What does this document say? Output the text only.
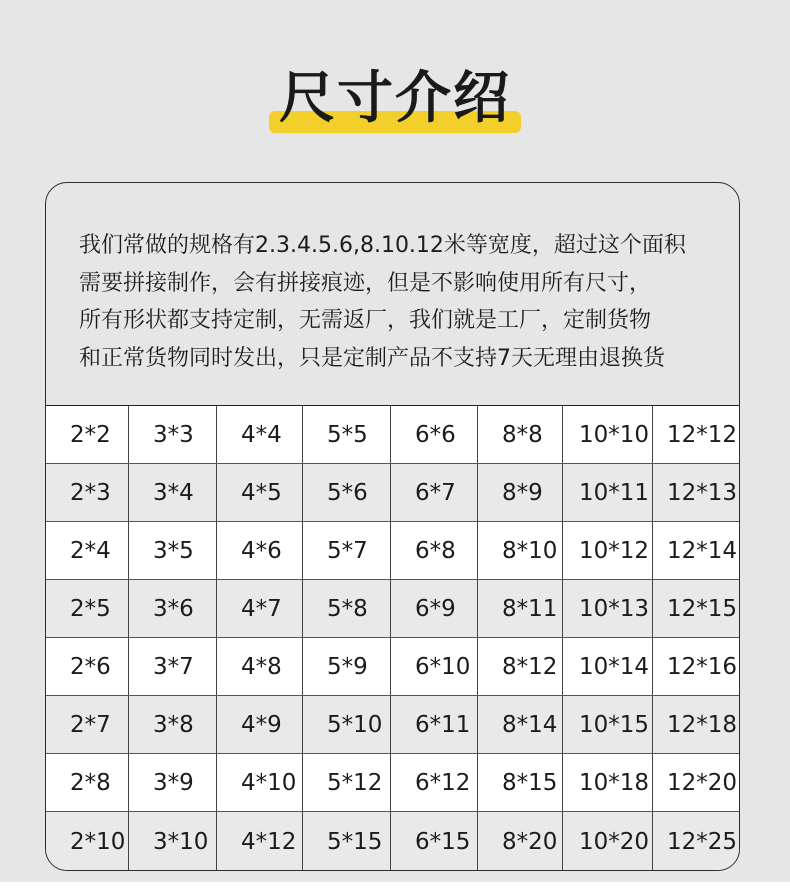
尺寸介绍
我们常做的规格有2.3.4.5.6,8.10.12米等宽度，超过这个面积
需要拼接制作，会有拼接痕迹，但是不影响使用所有尺寸，
所有形状都支持定制，无需返厂，我们就是工厂，定制货物
和正常货物同时发出，只是定制产品不支持7天无理由退换货
2*2	3*3	4*4	5*5	6*6	8*8	10*10 12*12
2*3	3*4	4*5	5*6	6*7	8*9	10*11 12*13
2*4	3*5	4*6	5*7	6*8	8*10 10*12 12*14
2*5	3*6	4*7	5*8	6*9	8*11 10*13 12*15
2*6	3*7	4*8	5*9	6*10	8*12 10*14 12*16
2*7	3*8	4*9	5*10	6*11	8*14 10*15 12*18
2*8	3*9	4*10	5*12	6*12	8*15 10*18 12*20
2*10	3*10	4*12	5*15	6*15	8*20 10*20 12*25
